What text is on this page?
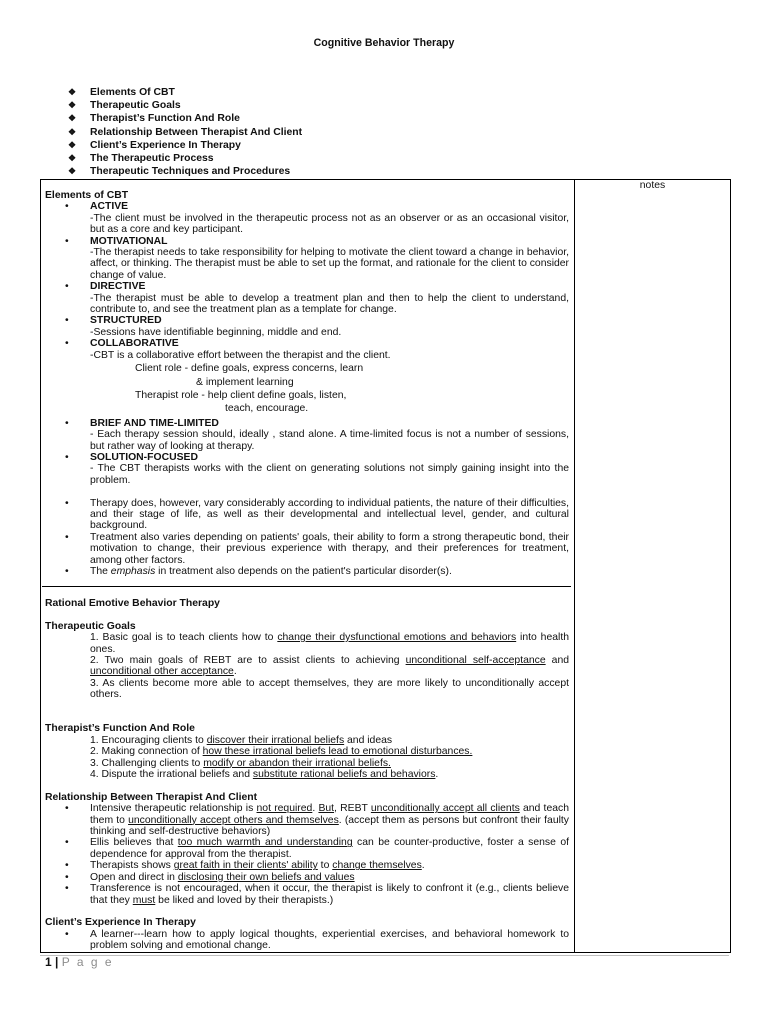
Cognitive Behavior Therapy
❖ Elements Of CBT
❖ Therapeutic Goals
❖ Therapist’s Function And Role
❖ Relationship Between Therapist And Client
❖ Client’s Experience In Therapy
❖ The Therapeutic Process
❖ Therapeutic Techniques and Procedures
notes
Elements of CBT
• ACTIVE
-The client must be involved in the therapeutic process not as an observer or as an occasional visitor, but as a core and key participant.
• MOTIVATIONAL
-The therapist needs to take responsibility for helping to motivate the client toward a change in behavior, affect, or thinking. The therapist must be able to set up the format, and rationale for the client to consider change of value.
• DIRECTIVE
-The therapist must be able to develop a treatment plan and then to help the client to understand, contribute to, and see the treatment plan as a template for change.
• STRUCTURED
-Sessions have identifiable beginning, middle and end.
• COLLABORATIVE
-CBT is a collaborative effort between the therapist and the client.
Client role - define goals, express concerns, learn
& implement learning
Therapist role - help client define goals, listen,
teach, encourage.
• BRIEF AND TIME-LIMITED
- Each therapy session should, ideally , stand alone. A time-limited focus is not a number of sessions, but rather way of looking at therapy.
• SOLUTION-FOCUSED
- The CBT therapists works with the client on generating solutions not simply gaining insight into the problem.
• Therapy does, however, vary considerably according to individual patients, the nature of their difficulties, and their stage of life, as well as their developmental and intellectual level, gender, and cultural background.
• Treatment also varies depending on patients' goals, their ability to form a strong therapeutic bond, their motivation to change, their previous experience with therapy, and their preferences for treatment, among other factors.
• The emphasis in treatment also depends on the patient's particular disorder(s).
Rational Emotive Behavior Therapy
Therapeutic Goals
1. Basic goal is to teach clients how to change their dysfunctional emotions and behaviors into health ones.
2. Two main goals of REBT are to assist clients to achieving unconditional self-acceptance and unconditional other acceptance.
3. As clients become more able to accept themselves, they are more likely to unconditionally accept others.
Therapist’s Function And Role
1. Encouraging clients to discover their irrational beliefs and ideas
2. Making connection of how these irrational beliefs lead to emotional disturbances.
3. Challenging clients to modify or abandon their irrational beliefs.
4. Dispute the irrational beliefs and substitute rational beliefs and behaviors.
Relationship Between Therapist And Client
• Intensive therapeutic relationship is not required. But, REBT unconditionally accept all clients and teach them to unconditionally accept others and themselves. (accept them as persons but confront their faulty thinking and self-destructive behaviors)
• Ellis believes that too much warmth and understanding can be counter-productive, foster a sense of dependence for approval from the therapist.
• Therapists shows great faith in their clients' ability to change themselves.
• Open and direct in disclosing their own beliefs and values
• Transference is not encouraged, when it occur, the therapist is likely to confront it (e.g., clients believe that they must be liked and loved by their therapists.)
Client’s Experience In Therapy
• A learner---learn how to apply logical thoughts, experiential exercises, and behavioral homework to problem solving and emotional change.
1 | P a g e
